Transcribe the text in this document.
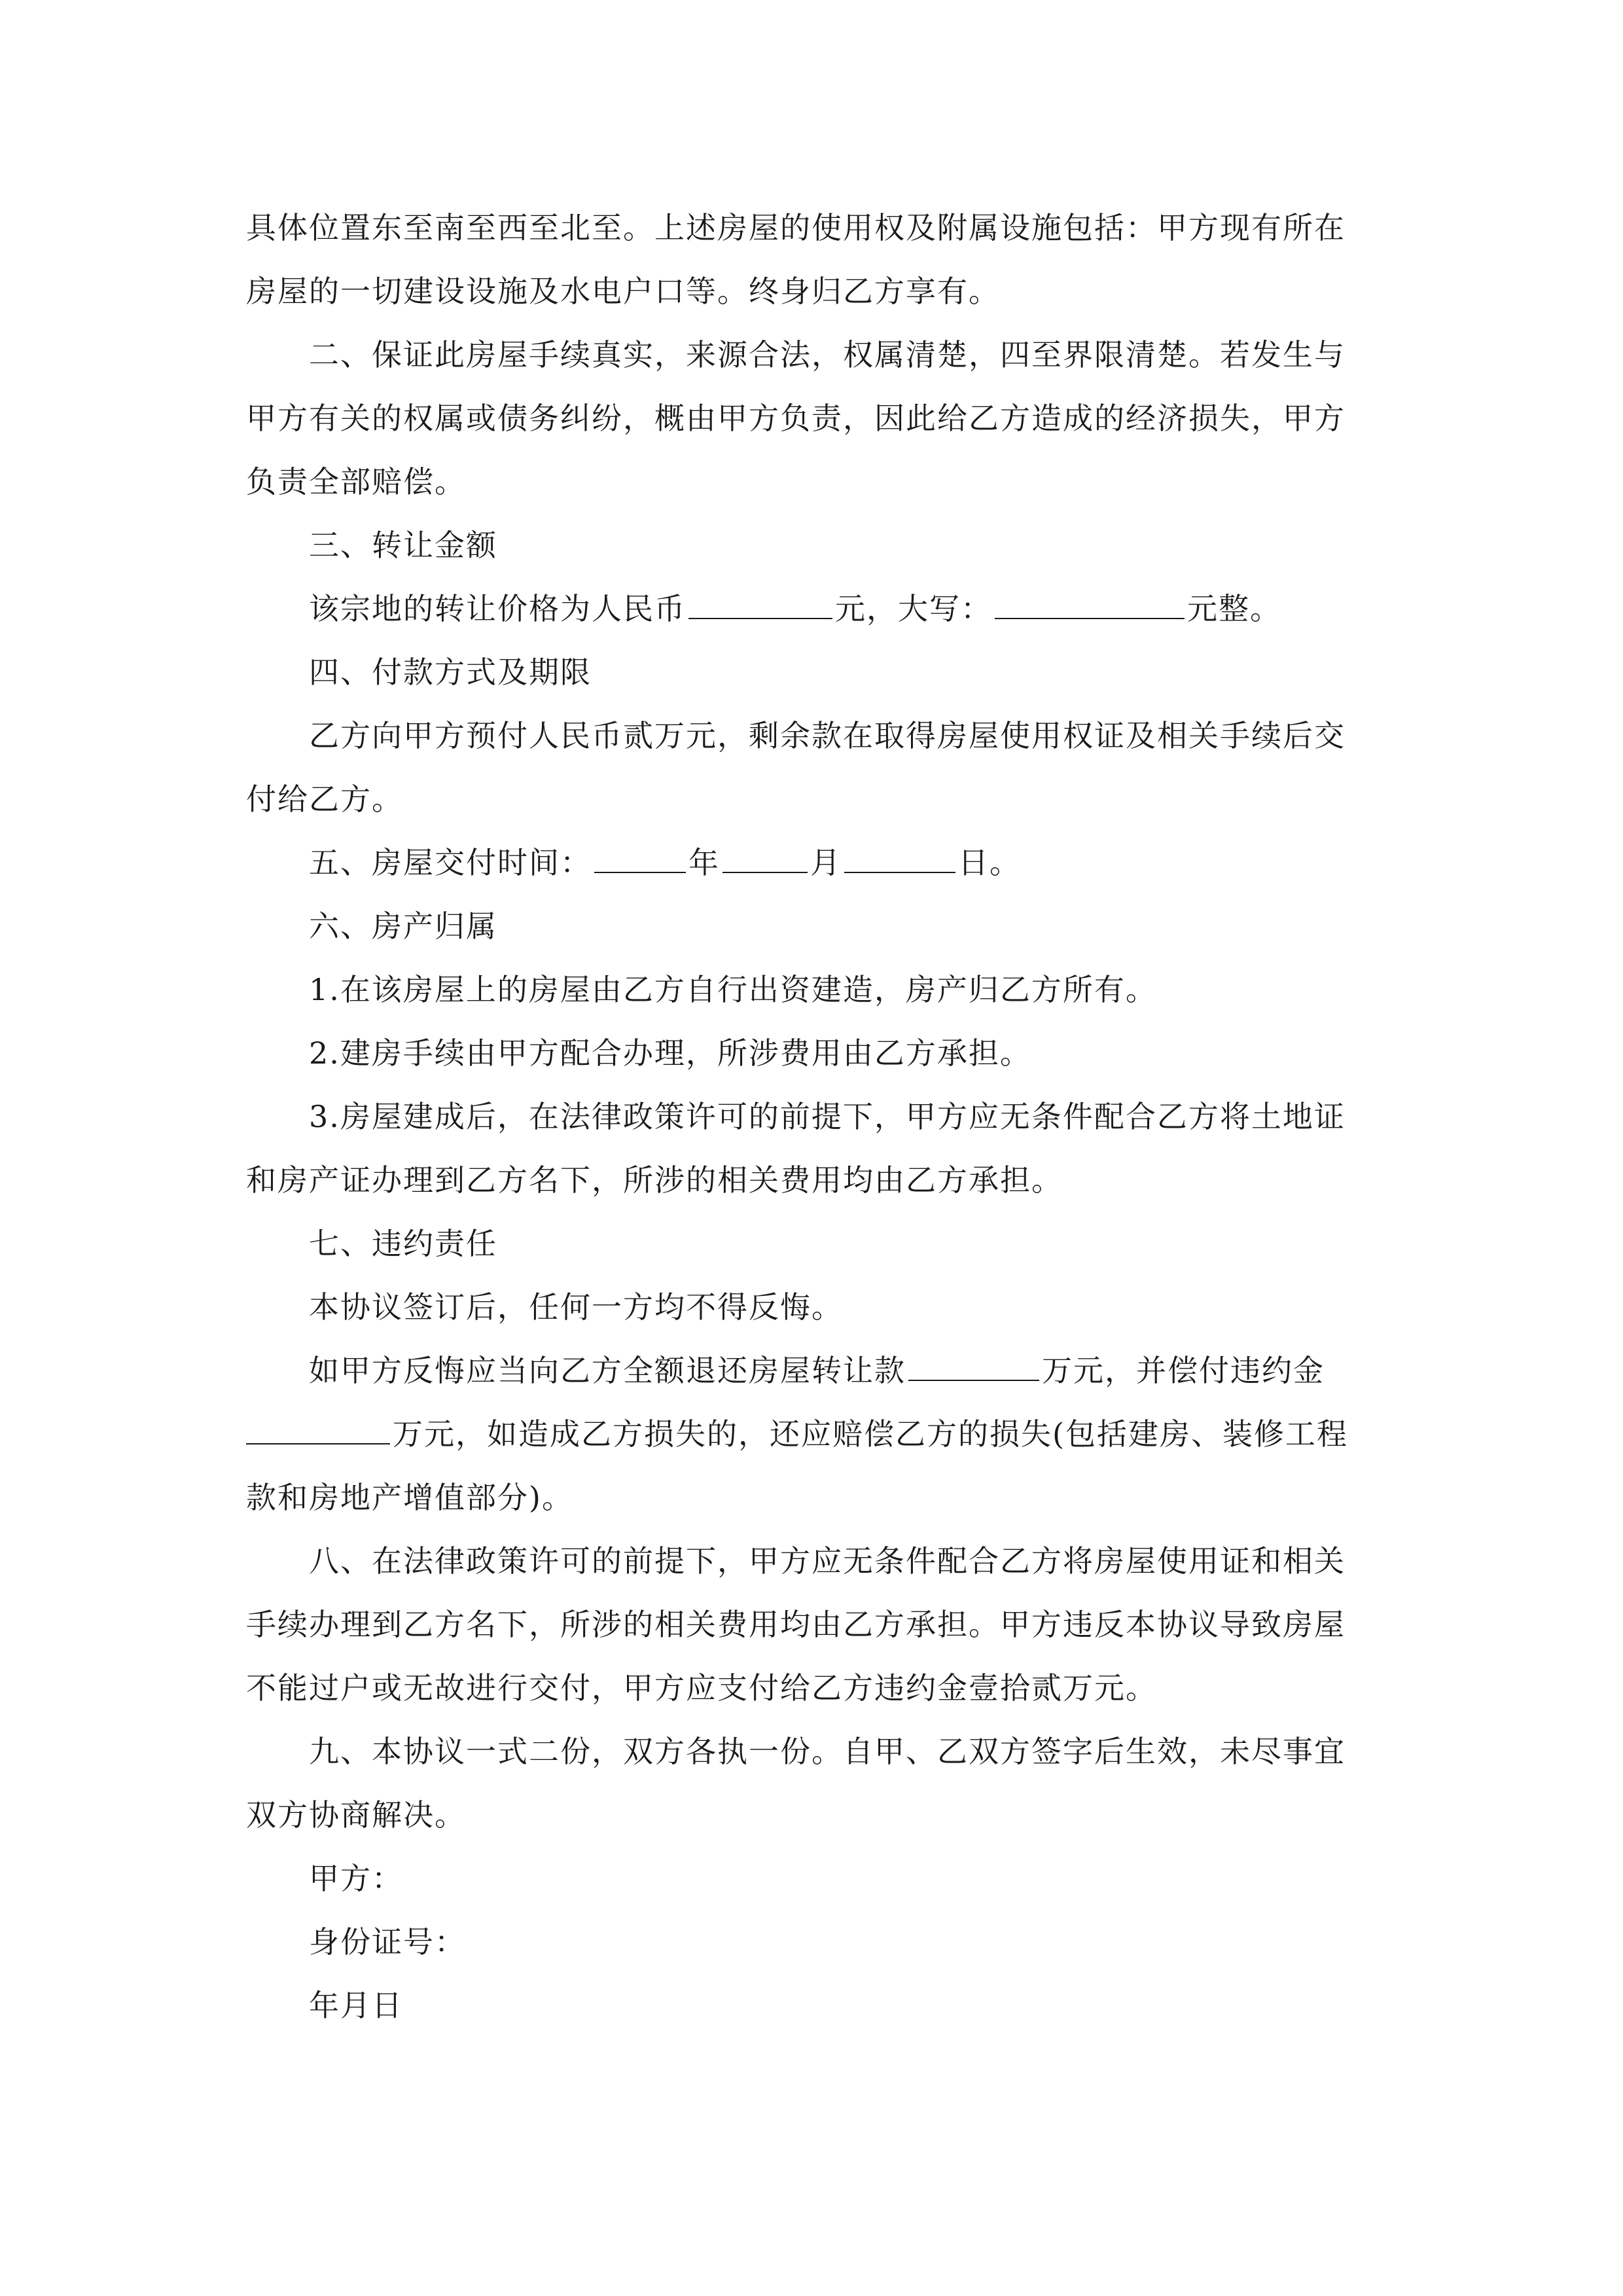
具体位置东至南至西至北至。上述房屋的使用权及附属设施包括：甲方现有所在
房屋的一切建设设施及水电户口等。终身归乙方享有。
二、保证此房屋手续真实，来源合法，权属清楚，四至界限清楚。若发生与
甲方有关的权属或债务纠纷，概由甲方负责，因此给乙方造成的经济损失，甲方
负责全部赔偿。
三、转让金额
该宗地的转让价格为人民币	元，大写：	元整。
四、付款方式及期限
乙方向甲方预付人民币贰万元，剩余款在取得房屋使用权证及相关手续后交
付给乙方。
五、房屋交付时间：	年	月	日。
六、房产归属
1.在该房屋上的房屋由乙方自行出资建造，房产归乙方所有。
2.建房手续由甲方配合办理，所涉费用由乙方承担。
3.房屋建成后，在法律政策许可的前提下，甲方应无条件配合乙方将土地证
和房产证办理到乙方名下，所涉的相关费用均由乙方承担。
七、违约责任
本协议签订后，任何一方均不得反悔。
如甲方反悔应当向乙方全额退还房屋转让款	万元，并偿付违约金
万元，如造成乙方损失的，还应赔偿乙方的损失(包括建房、装修工程
款和房地产增值部分)。
八、在法律政策许可的前提下，甲方应无条件配合乙方将房屋使用证和相关
手续办理到乙方名下，所涉的相关费用均由乙方承担。甲方违反本协议导致房屋
不能过户或无故进行交付，甲方应支付给乙方违约金壹拾贰万元。
九、本协议一式二份，双方各执一份。自甲、乙双方签字后生效，未尽事宜
双方协商解决。
甲方：
身份证号：
年月日
